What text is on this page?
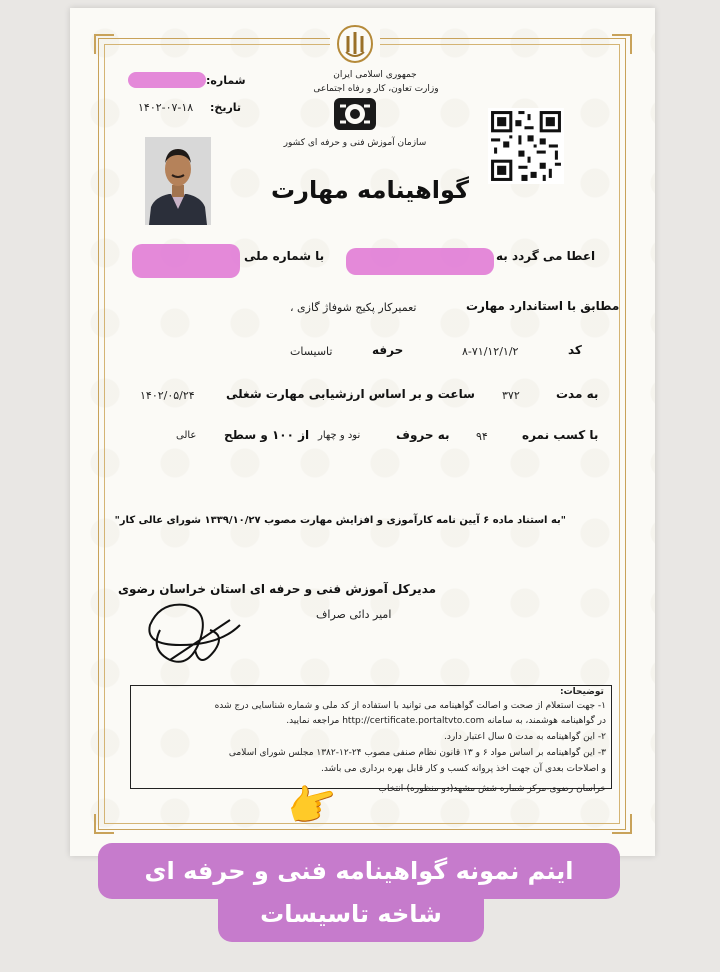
جمهوری اسلامی ایران
وزارت تعاون، کار و رفاه اجتماعی
سازمان آموزش فنی و حرفه ای کشور
شماره:
تاریخ:
۱۴۰۲-۰۷-۱۸
گواهینامه مهارت
اعطا می گردد به
با شماره ملی
مطابق با استاندارد مهارت
تعمیرکار پکیج شوفاژ گازی ،
کد
۸-۷۱/۱۲/۱/۲
حرفه
تاسیسات
به مدت
۳۷۲
ساعت و بر اساس ارزشیابی مهارت شغلی
۱۴۰۲/۰۵/۲۴
با کسب نمره
۹۴
به حروف
نود و چهار
از ۱۰۰ و سطح
عالی
"به استناد ماده ۶ آیین نامه کارآموزی و افزایش مهارت مصوب ۱۳۳۹/۱۰/۲۷ شورای عالی کار"
مدیرکل آموزش فنی و حرفه ای استان خراسان رضوی
امیر دائی صراف
توضیحات:
۱- جهت استعلام از صحت و اصالت گواهینامه می توانید با استفاده از کد ملی و شماره شناسایی درج شده
در گواهینامه هوشمند، به سامانه http://certificate.portaltvto.com مراجعه نمایید.
۲- این گواهینامه به مدت ۵ سال اعتبار دارد.
۳- این گواهینامه بر اساس مواد ۶ و ۱۳ قانون نظام صنفی مصوب ۲۴-۱۲-۱۳۸۲ مجلس شورای اسلامی
و اصلاحات بعدی آن جهت اخذ پروانه کسب و کار قابل بهره برداری می باشد.
خراسان رضوی-مرکز شماره شش مشهد(دو منظوره)-انتخاب
👉
اینم نمونه گواهینامه فنی و حرفه ای
شاخه تاسیسات
